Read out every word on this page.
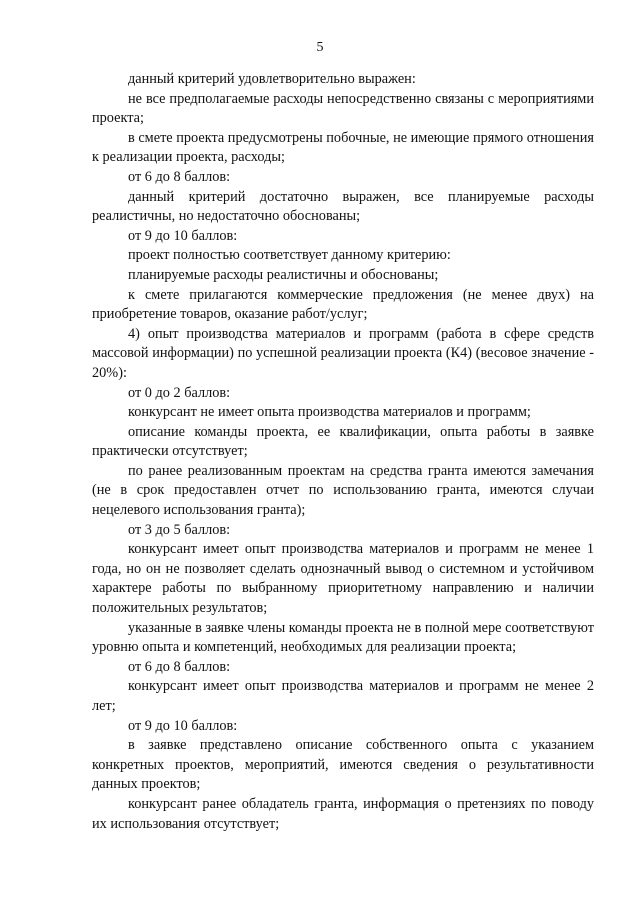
5

данный критерий удовлетворительно выражен:

не все предполагаемые расходы непосредственно связаны с мероприятиями проекта;

в смете проекта предусмотрены побочные, не имеющие прямого отношения к реализации проекта, расходы;

от 6 до 8 баллов:

данный критерий достаточно выражен, все планируемые расходы реалистичны, но недостаточно обоснованы;

от 9 до 10 баллов:

проект полностью соответствует данному критерию:

планируемые расходы реалистичны и обоснованы;

к смете прилагаются коммерческие предложения (не менее двух) на приобретение товаров, оказание работ/услуг;

4) опыт производства материалов и программ (работа в сфере средств массовой информации) по успешной реализации проекта (К4) (весовое значение - 20%):

от 0 до 2 баллов:

конкурсант не имеет опыта производства материалов и программ;

описание команды проекта, ее квалификации, опыта работы в заявке практически отсутствует;

по ранее реализованным проектам на средства гранта имеются замечания (не в срок предоставлен отчет по использованию гранта, имеются случаи нецелевого использования гранта);

от 3 до 5 баллов:

конкурсант имеет опыт производства материалов и программ не менее 1 года, но он не позволяет сделать однозначный вывод о системном и устойчивом характере работы по выбранному приоритетному направлению и наличии положительных результатов;

указанные в заявке члены команды проекта не в полной мере соответствуют уровню опыта и компетенций, необходимых для реализации проекта;

от 6 до 8 баллов:

конкурсант имеет опыт производства материалов и программ не менее 2 лет;

от 9 до 10 баллов:

в заявке представлено описание собственного опыта с указанием конкретных проектов, мероприятий, имеются сведения о результативности данных проектов;

конкурсант ранее обладатель гранта, информация о претензиях по поводу их использования отсутствует;
